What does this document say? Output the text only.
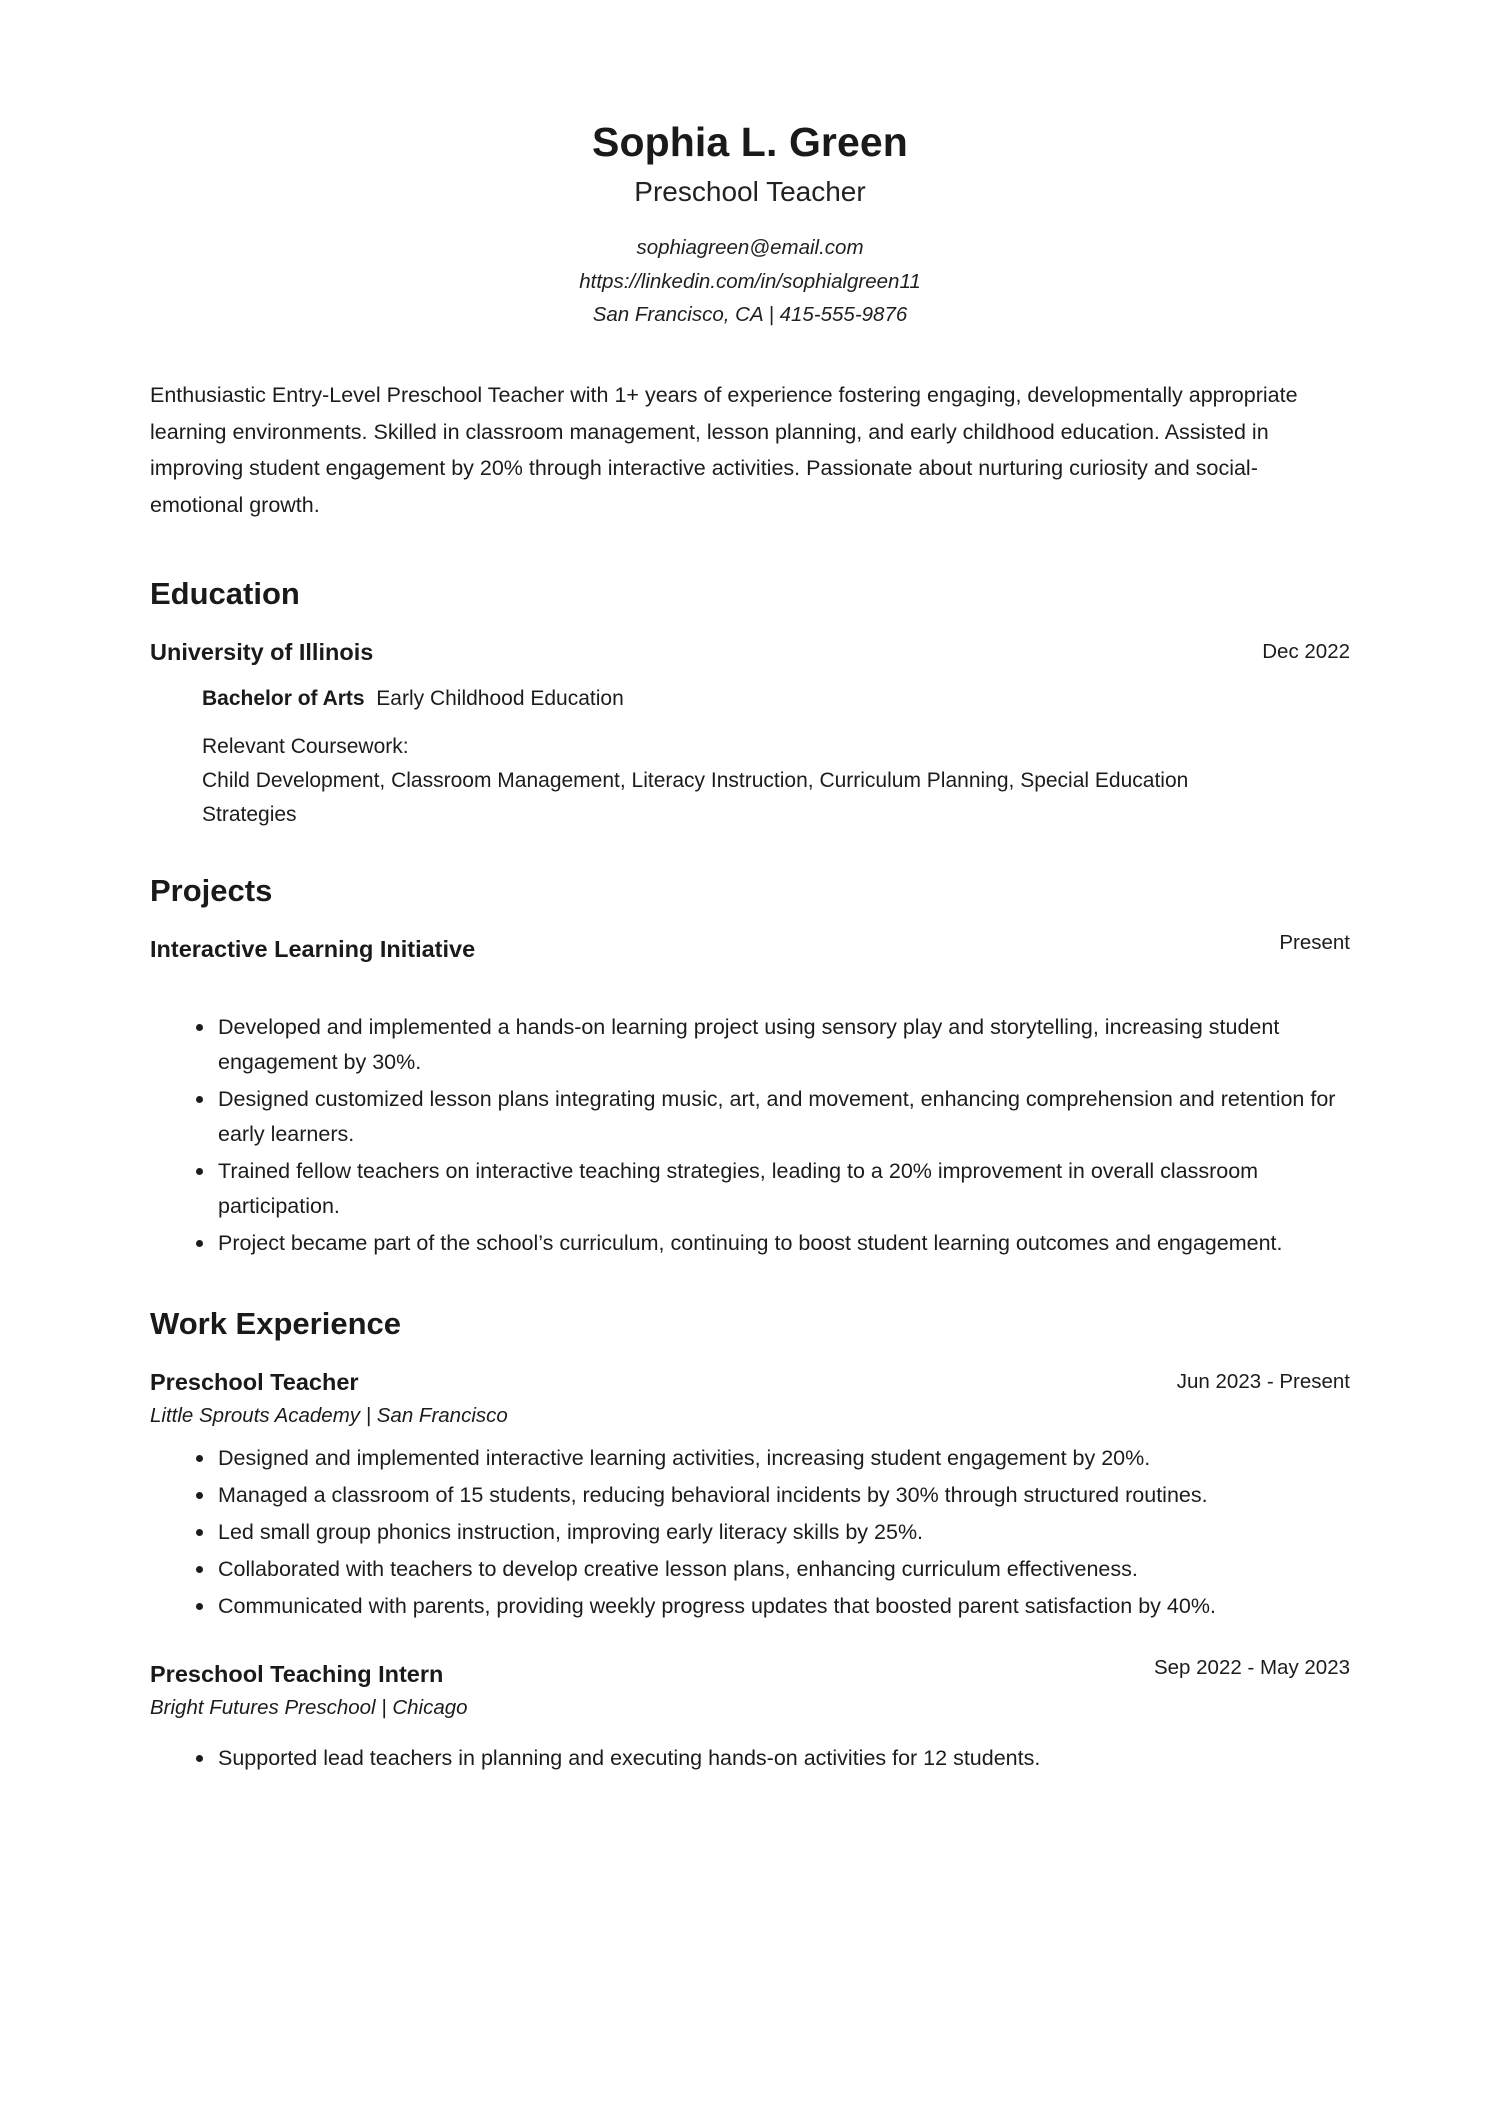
Sophia L. Green
Preschool Teacher
sophiagreen@email.com
https://linkedin.com/in/sophialgreen11
San Francisco, CA | 415-555-9876

Enthusiastic Entry-Level Preschool Teacher with 1+ years of experience fostering engaging, developmentally appropriate learning environments. Skilled in classroom management, lesson planning, and early childhood education. Assisted in improving student engagement by 20% through interactive activities. Passionate about nurturing curiosity and social-emotional growth.

Education
University of Illinois	Dec 2022
Bachelor of Arts Early Childhood Education
Relevant Coursework:
Child Development, Classroom Management, Literacy Instruction, Curriculum Planning, Special Education Strategies
Projects
Interactive Learning Initiative	Present
Developed and implemented a hands-on learning project using sensory play and storytelling, increasing student engagement by 30%.
Designed customized lesson plans integrating music, art, and movement, enhancing comprehension and retention for early learners.
Trained fellow teachers on interactive teaching strategies, leading to a 20% improvement in overall classroom participation.
Project became part of the school’s curriculum, continuing to boost student learning outcomes and engagement.
Work Experience
Preschool Teacher	Jun 2023 - Present
Little Sprouts Academy | San Francisco
Designed and implemented interactive learning activities, increasing student engagement by 20%.
Managed a classroom of 15 students, reducing behavioral incidents by 30% through structured routines.
Led small group phonics instruction, improving early literacy skills by 25%.
Collaborated with teachers to develop creative lesson plans, enhancing curriculum effectiveness.
Communicated with parents, providing weekly progress updates that boosted parent satisfaction by 40%.
Preschool Teaching Intern	Sep 2022 - May 2023
Bright Futures Preschool | Chicago
Supported lead teachers in planning and executing hands-on activities for 12 students.
